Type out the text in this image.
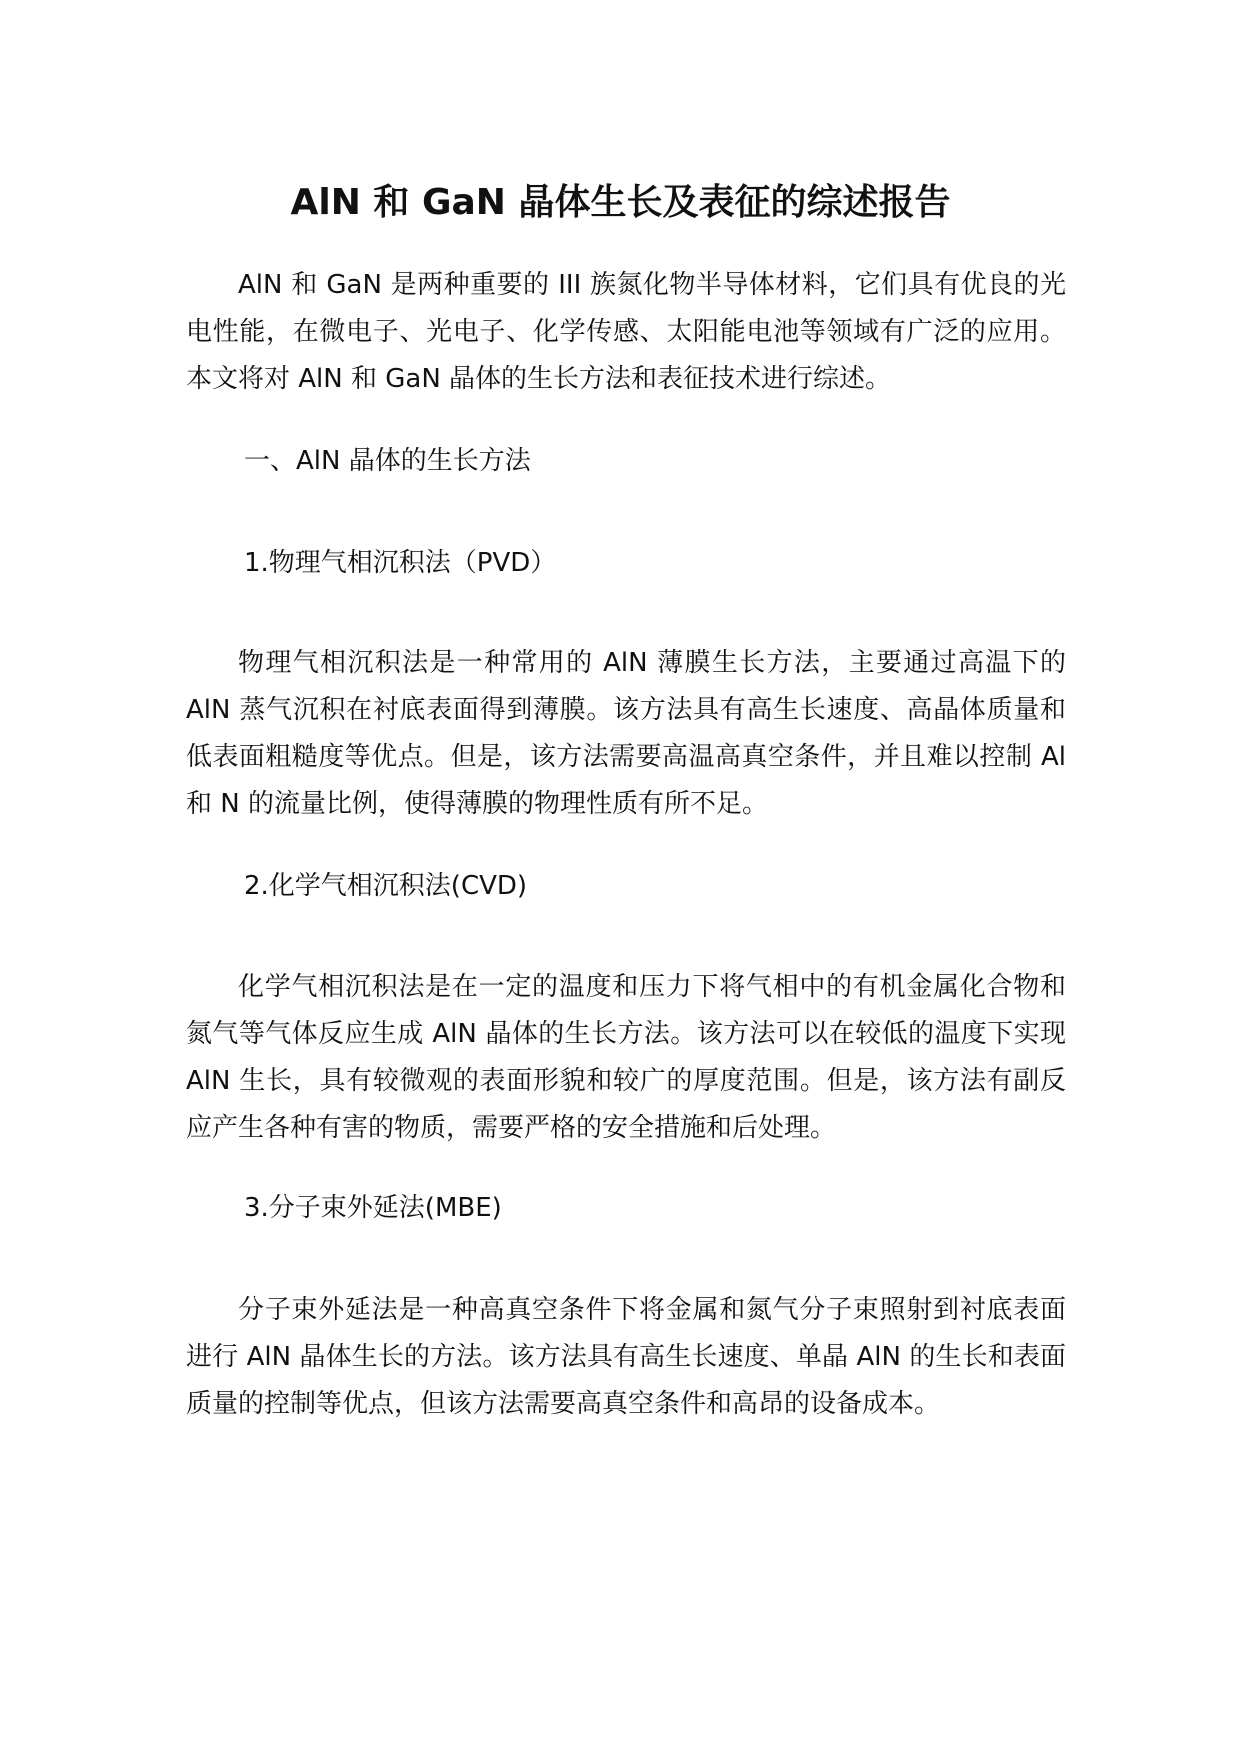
AlN 和 GaN 晶体生长及表征的综述报告

AlN 和 GaN 是两种重要的 III 族氮化物半导体材料，它们具有优良的光电性能，在微电子、光电子、化学传感、太阳能电池等领域有广泛的应用。本文将对 AlN 和 GaN 晶体的生长方法和表征技术进行综述。

一、AlN 晶体的生长方法
1.物理气相沉积法（PVD）

物理气相沉积法是一种常用的 AlN 薄膜生长方法，主要通过高温下的 AlN 蒸气沉积在衬底表面得到薄膜。该方法具有高生长速度、高晶体质量和低表面粗糙度等优点。但是，该方法需要高温高真空条件，并且难以控制 Al 和 N 的流量比例，使得薄膜的物理性质有所不足。

2.化学气相沉积法(CVD)

化学气相沉积法是在一定的温度和压力下将气相中的有机金属化合物和氮气等气体反应生成 AlN 晶体的生长方法。该方法可以在较低的温度下实现 AlN 生长，具有较微观的表面形貌和较广的厚度范围。但是，该方法有副反应产生各种有害的物质，需要严格的安全措施和后处理。

3.分子束外延法(MBE)

分子束外延法是一种高真空条件下将金属和氮气分子束照射到衬底表面进行 AlN 晶体生长的方法。该方法具有高生长速度、单晶 AlN 的生长和表面质量的控制等优点，但该方法需要高真空条件和高昂的设备成本。
